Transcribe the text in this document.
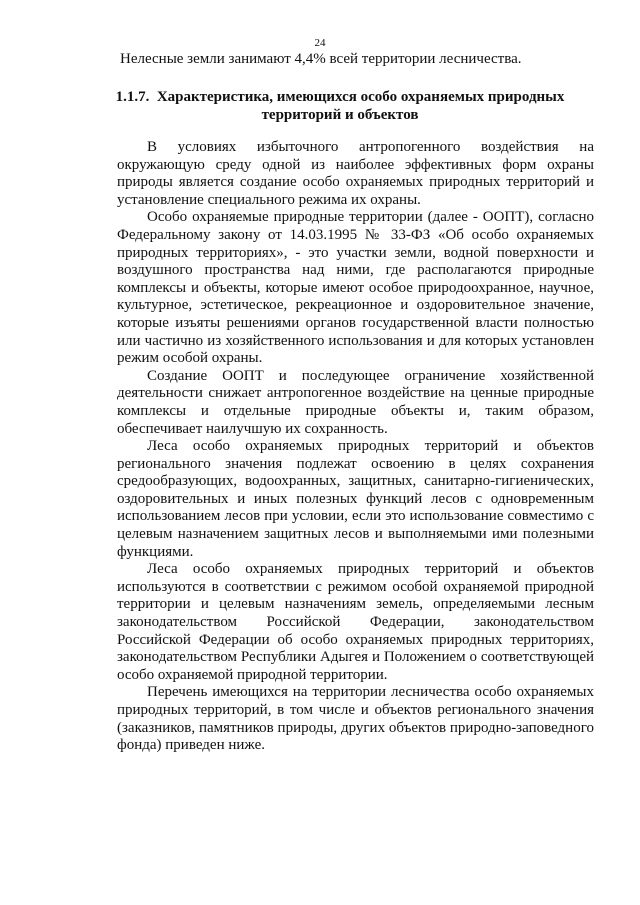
24
Нелесные земли занимают 4,4% всей территории лесничества.
1.1.7. Характеристика, имеющихся особо охраняемых природных
территорий и объектов

В условиях избыточного антропогенного воздействия на окружающую среду одной из наиболее эффективных форм охраны природы является создание особо охраняемых природных территорий и установление специального режима их охраны.

Особо охраняемые природные территории (далее - ООПТ), согласно Федеральному закону от 14.03.1995 № 33-ФЗ «Об особо охраняемых природных территориях», - это участки земли, водной поверхности и воздушного пространства над ними, где располагаются природные комплексы и объекты, которые имеют особое природоохранное, научное, культурное, эстетическое, рекреационное и оздоровительное значение, которые изъяты решениями органов государственной власти полностью или частично из хозяйственного использования и для которых установлен режим особой охраны.

Создание ООПТ и последующее ограничение хозяйственной деятельности снижает антропогенное воздействие на ценные природные комплексы и отдельные природные объекты и, таким образом, обеспечивает наилучшую их сохранность.

Леса особо охраняемых природных территорий и объектов регионального значения подлежат освоению в целях сохранения средообразующих, водоохранных, защитных, санитарно-гигиенических, оздоровительных и иных полезных функций лесов с одновременным использованием лесов при условии, если это использование совместимо с целевым назначением защитных лесов и выполняемыми ими полезными функциями.

Леса особо охраняемых природных территорий и объектов используются в соответствии с режимом особой охраняемой природной территории и целевым назначениям земель, определяемыми лесным законодательством Российской Федерации, законодательством Российской Федерации об особо охраняемых природных территориях, законодательством Республики Адыгея и Положением о соответствующей особо охраняемой природной территории.

Перечень имеющихся на территории лесничества особо охраняемых природных территорий, в том числе и объектов регионального значения (заказников, памятников природы, других объектов природно-заповедного фонда) приведен ниже.
